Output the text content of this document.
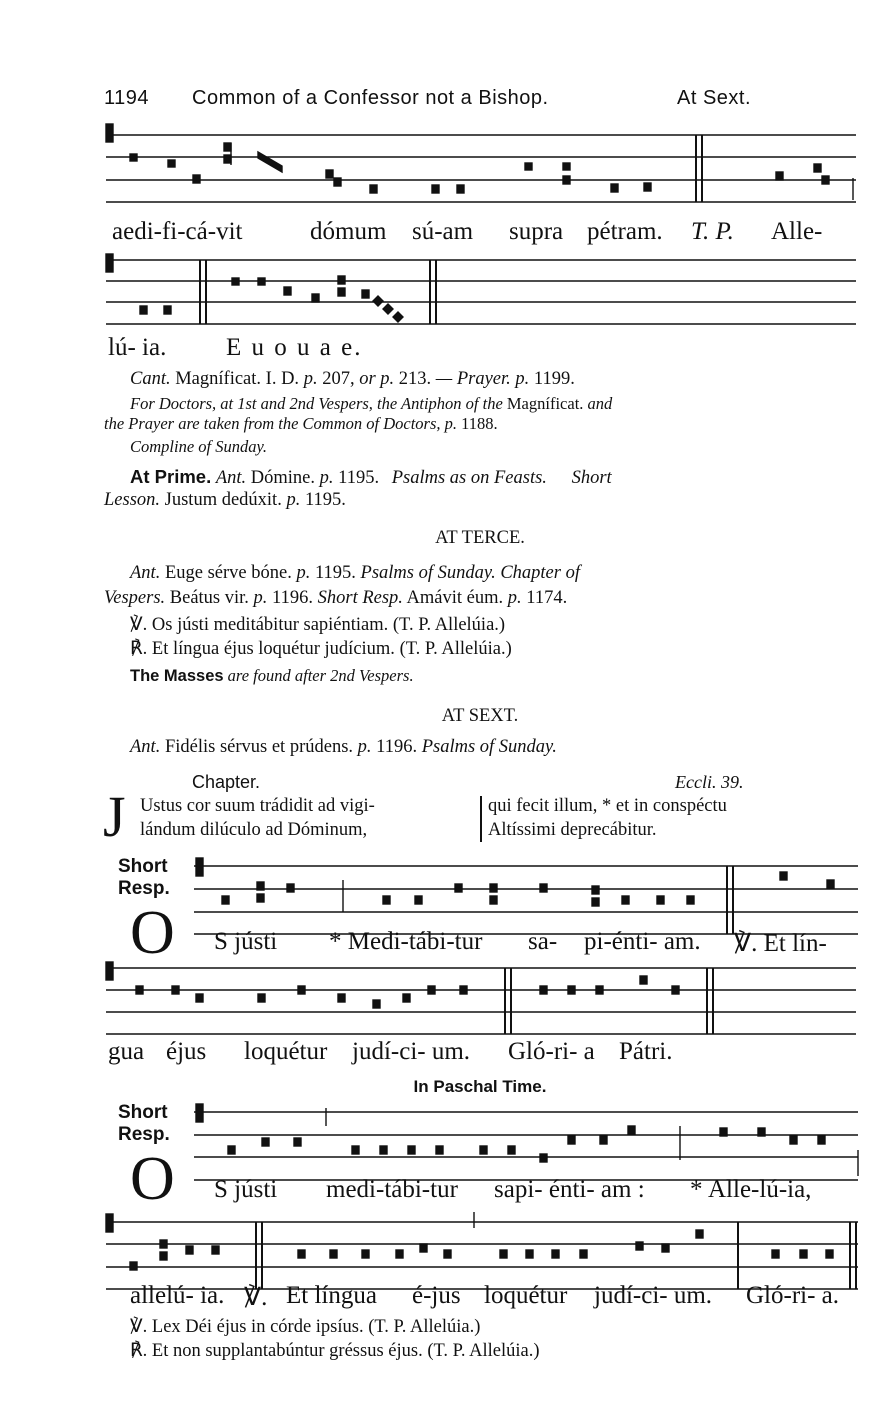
1194 Common of a Confessor not a Bishop.	At Sext.
aedi-fi-cá-vit	dómum sú-am supra pétram. T. P. Alle-
lú- ia. E u o u a e.
Cant. Magníficat. I. D. p. 207, or p. 213. — Prayer. p. 1199.
For Doctors, at 1st and 2nd Vespers, the Antiphon of the Magníficat. and
the Prayer are taken from the Common of Doctors, p. 1188.
Compline of Sunday.
At Prime. Ant. Dómine. p. 1195. Psalms as on Feasts. Short
Lesson. Justum dedúxit. p. 1195.
AT TERCE.
Ant. Euge sérve bóne. p. 1195. Psalms of Sunday. Chapter of
Vespers. Beátus vir. p. 1196. Short Resp. Amávit éum. p. 1174.
℣. Os jústi meditábitur sapiéntiam. (T. P. Allelúia.)
℟. Et língua éjus loquétur judícium. (T. P. Allelúia.)
The Masses are found after 2nd Vespers.
AT SEXT.
Ant. Fidélis sérvus et prúdens. p. 1196. Psalms of Sunday.
Chapter.	Eccli. 39.
J Ustus cor suum trádidit ad vigi-
lándum dilúculo ad Dóminum,
qui fecit illum, * et in conspéctu
Altíssimi deprecábitur.
Short
Resp.
O S jústi * Medi-tábi-tur sa- pi-énti- am. ℣. Et lín-
gua éjus loquétur judí-ci- um. Gló-ri- a Pátri.
In Paschal Time.
Short
Resp.
O S jústi medi-tábi-tur sapi- énti- am : * Alle-lú-ia,
allelú- ia. ℣. Et língua é-jus loquétur judí-ci- um. Gló-ri- a.
℣. Lex Déi éjus in córde ipsíus. (T. P. Allelúia.)
℟. Et non supplantabúntur gréssus éjus. (T. P. Allelúia.)
